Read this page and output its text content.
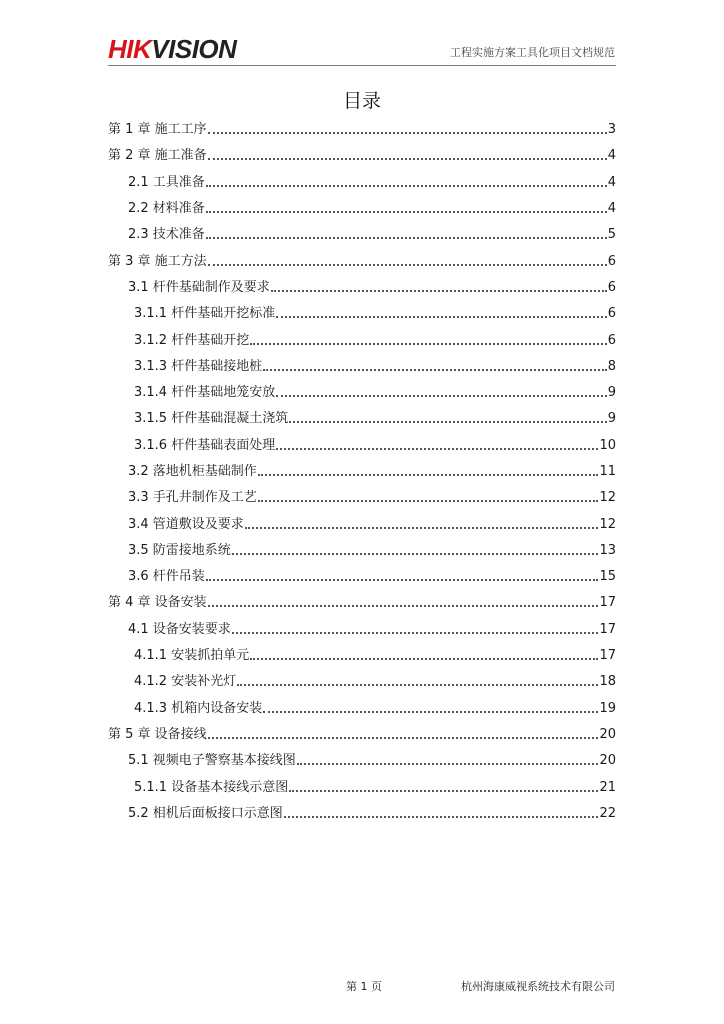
HIKVISION	工程实施方案工具化项目文档规范
目录
第 1 章 施工工序	3
第 2 章 施工准备	4
2.1 工具准备	4
2.2 材料准备	4
2.3 技术准备	5
第 3 章 施工方法	6
3.1 杆件基础制作及要求	6
3.1.1 杆件基础开挖标准	6
3.1.2 杆件基础开挖	6
3.1.3 杆件基础接地桩	8
3.1.4 杆件基础地笼安放	9
3.1.5 杆件基础混凝土浇筑	9
3.1.6 杆件基础表面处理	10
3.2 落地机柜基础制作	11
3.3 手孔井制作及工艺	12
3.4 管道敷设及要求	12
3.5 防雷接地系统	13
3.6 杆件吊装	15
第 4 章 设备安装	17
4.1 设备安装要求	17
4.1.1 安装抓拍单元	17
4.1.2 安装补光灯	18
4.1.3 机箱内设备安装	19
第 5 章 设备接线	20
5.1 视频电子警察基本接线图	20
5.1.1 设备基本接线示意图	21
5.2 相机后面板接口示意图	22
第 1 页	杭州海康威视系统技术有限公司
